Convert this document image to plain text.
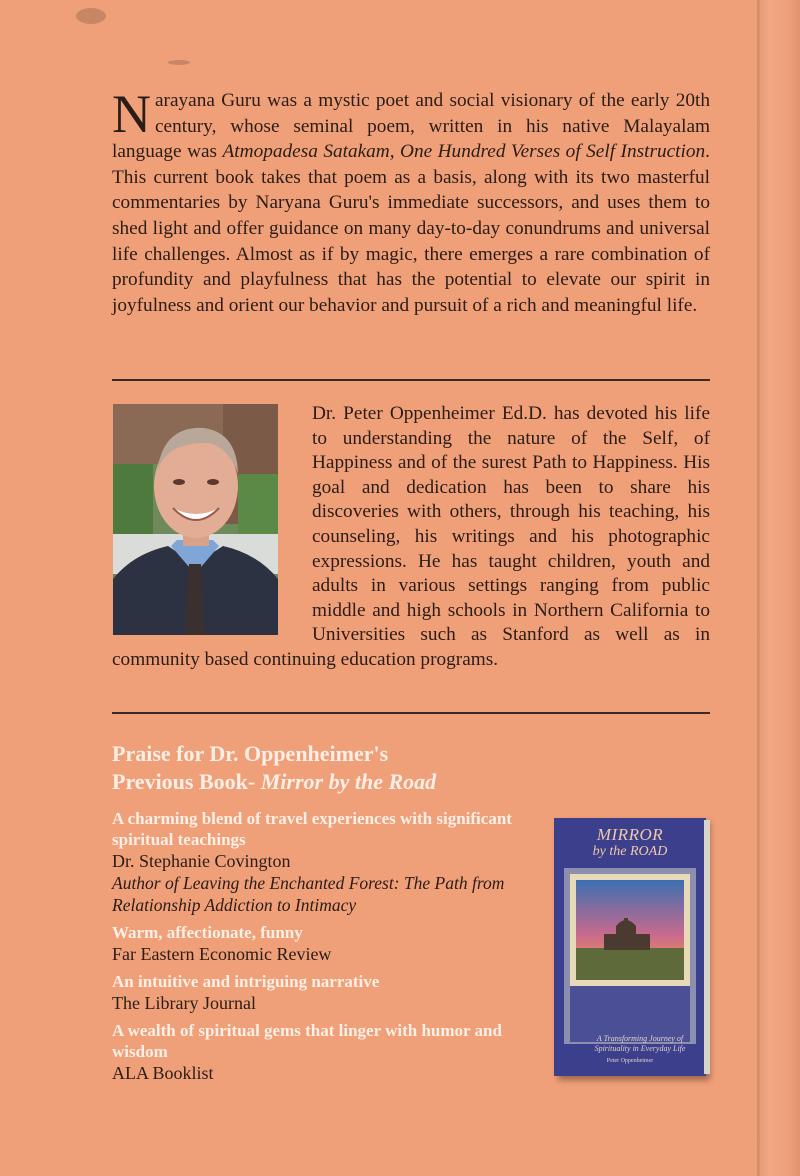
Narayana Guru was a mystic poet and social visionary of the early 20th century, whose seminal poem, written in his native Malayalam language was Atmopadesa Satakam, One Hundred Verses of Self Instruction. This current book takes that poem as a basis, along with its two masterful commentaries by Naryana Guru's immediate successors, and uses them to shed light and offer guidance on many day-to-day conundrums and universal life challenges. Almost as if by magic, there emerges a rare combination of profundity and playfulness that has the potential to elevate our spirit in joyfulness and orient our behavior and pursuit of a rich and meaningful life.
Dr. Peter Oppenheimer Ed.D. has devoted his life to understanding the nature of the Self, of Happiness and of the surest Path to Happiness. His goal and dedication has been to share his discoveries with others, through his teaching, his counseling, his writings and his photographic expressions. He has taught children, youth and adults in various settings ranging from public middle and high schools in Northern California to Universities such as Stanford as well as in community based continuing education programs.
Praise for Dr. Oppenheimer's
Previous Book- Mirror by the Road
A charming blend of travel experiences with significant spiritual teachings
Dr. Stephanie Covington
Author of Leaving the Enchanted Forest: The Path from Relationship Addiction to Intimacy
Warm, affectionate, funny
Far Eastern Economic Review
An intuitive and intriguing narrative
The Library Journal
A wealth of spiritual gems that linger with humor and wisdom
ALA Booklist
MIRROR
by the ROAD
A Transforming Journey of Spirituality in Everyday Life
Peter Oppenheimer
